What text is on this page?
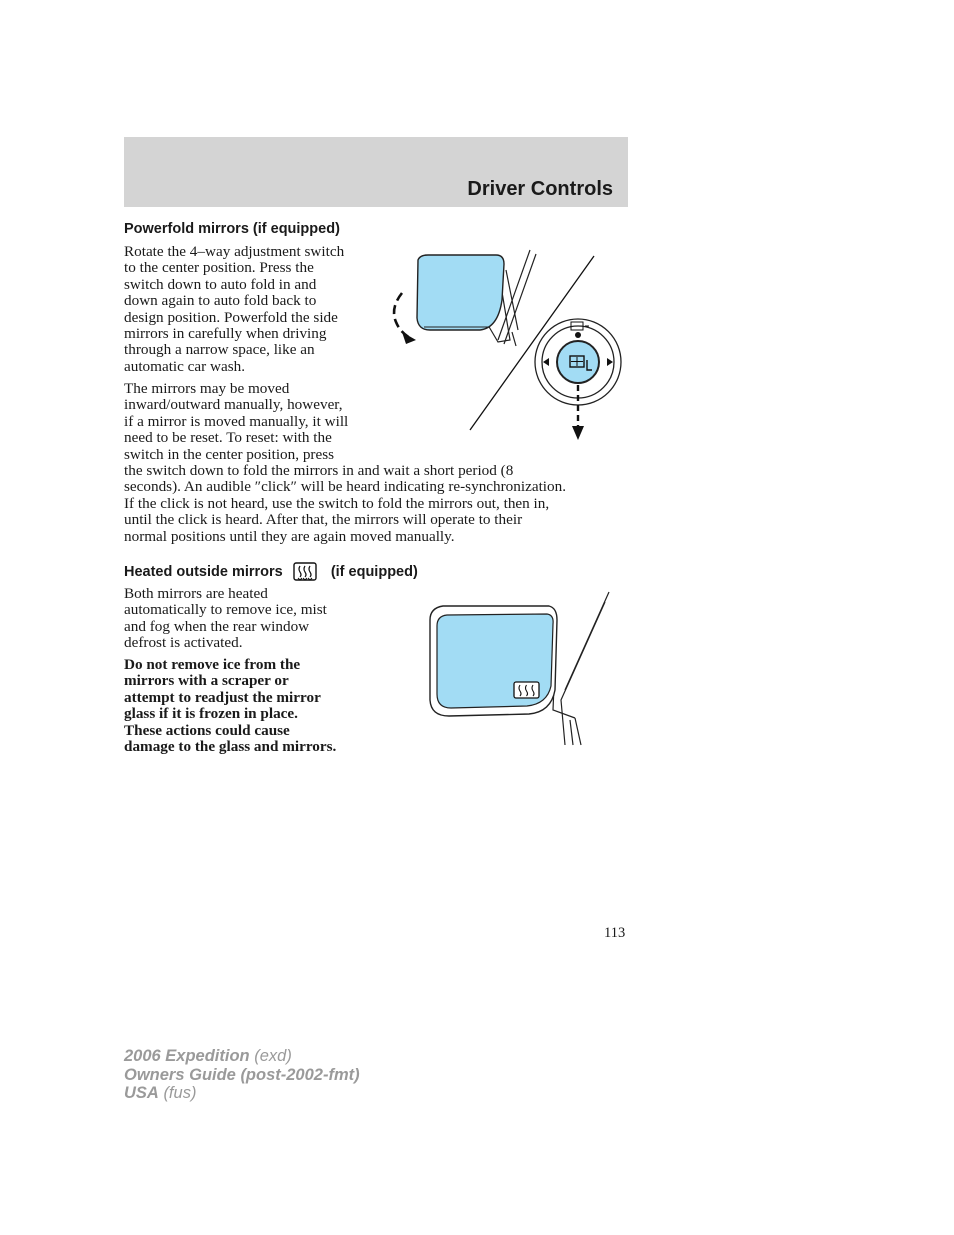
Driver Controls
Powerfold mirrors (if equipped)
Rotate the 4–way adjustment switch
to the center position. Press the
switch down to auto fold in and
down again to auto fold back to
design position. Powerfold the side
mirrors in carefully when driving
through a narrow space, like an
automatic car wash.
The mirrors may be moved
inward/outward manually, however,
if a mirror is moved manually, it will
need to be reset. To reset: with the
switch in the center position, press
the switch down to fold the mirrors in and wait a short period (8
seconds). An audible ″click″ will be heard indicating re-synchronization.
If the click is not heard, use the switch to fold the mirrors out, then in,
until the click is heard. After that, the mirrors will operate to their
normal positions until they are again moved manually.
Heated outside mirrors	(if equipped)
Both mirrors are heated
automatically to remove ice, mist
and fog when the rear window
defrost is activated.
Do not remove ice from the
mirrors with a scraper or
attempt to readjust the mirror
glass if it is frozen in place.
These actions could cause
damage to the glass and mirrors.
113
2006 Expedition (exd)
Owners Guide (post-2002-fmt)
USA (fus)
